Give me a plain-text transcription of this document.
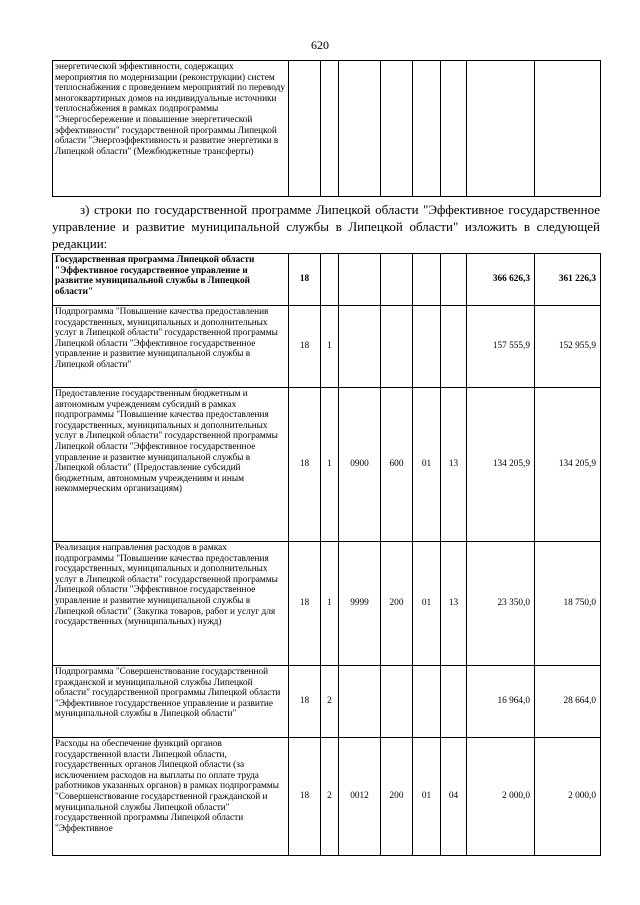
620
энергетической эффективности, содержащих мероприятия по модернизации (реконструкции) систем теплоснабжения с проведением мероприятий по переводу многоквартирных домов на индивидуальные источники теплоснабжения в рамках подпрограммы "Энергосбережение и повышение энергетической эффективности" государственной программы Липецкой области "Энергоэффективность и развитие энергетики в Липецкой области" (Межбюджетные трансферты)								
з) строки по государственной программе Липецкой области "Эффективное государственное управление и развитие муниципальной службы в Липецкой области" изложить в следующей редакции:
Государственная программа Липецкой области "Эффективное государственное управление и развитие муниципальной службы в Липецкой области"	18						366 626,3	361 226,3
Подпрограмма "Повышение качества предоставления государственных, муниципальных и дополнительных услуг в Липецкой области" государственной программы Липецкой области "Эффективное государственное управление и развитие муниципальной службы в Липецкой области"	18	1					157 555,9	152 955,9
Предоставление государственным бюджетным и автономным учреждениям субсидий в рамках подпрограммы "Повышение качества предоставления государственных, муниципальных и дополнительных услуг в Липецкой области" государственной программы Липецкой области "Эффективное государственное управление и развитие муниципальной службы в Липецкой области" (Предоставление субсидий бюджетным, автономным учреждениям и иным некоммерческим организациям)	18	1	0900	600	01	13	134 205,9	134 205,9
Реализация направления расходов в рамках подпрограммы "Повышение качества предоставления государственных, муниципальных и дополнительных услуг в Липецкой области" государственной программы Липецкой области "Эффективное государственное управление и развитие муниципальной службы в Липецкой области" (Закупка товаров, работ и услуг для государственных (муниципальных) нужд)	18	1	9999	200	01	13	23 350,0	18 750,0
Подпрограмма "Совершенствование государственной гражданской и муниципальной службы Липецкой области" государственной программы Липецкой области "Эффективное государственное управление и развитие муниципальной службы в Липецкой области"	18	2					16 964,0	28 664,0
Расходы на обеспечение функций органов государственной власти Липецкой области, государственных органов Липецкой области (за исключением расходов на выплаты по оплате труда работников указанных органов) в рамках подпрограммы "Совершенствование государственной гражданской и муниципальной службы Липецкой области" государственной программы Липецкой области "Эффективное	18	2	0012	200	01	04	2 000,0	2 000,0
